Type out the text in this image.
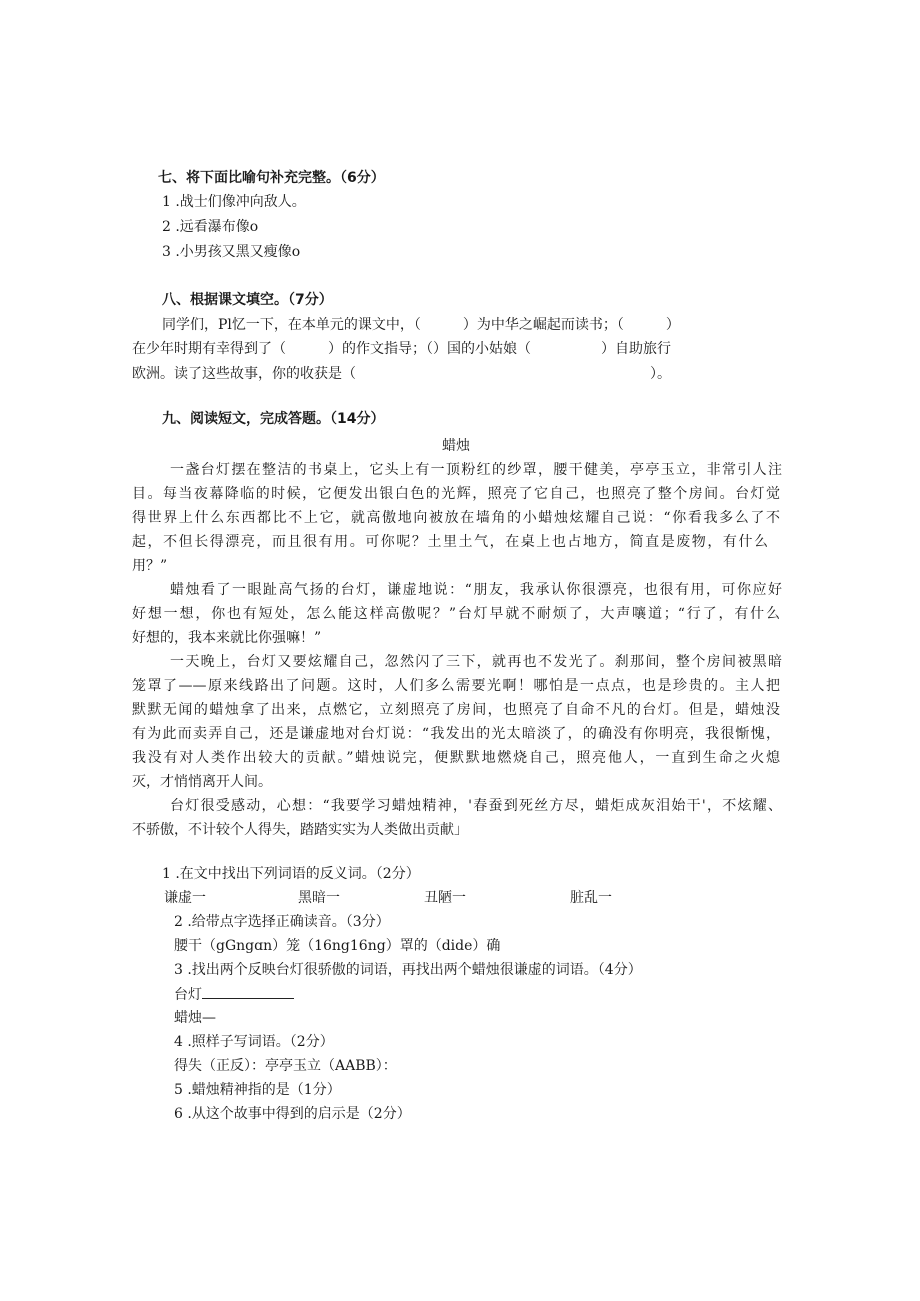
七、将下面比喻句补充完整。（6分）
1 .战士们像冲向敌人。
2 .远看瀑布像o
3 .小男孩又黑又瘦像o
八、根据课文填空。（7分）
同学们，Pl忆一下，在本单元的课文中，（　　　）为中华之崛起而读书；（　　　）
在少年时期有幸得到了（　　　）的作文指导；（）国的小姑娘（　　　　　）自助旅行
欧洲。读了这些故事，你的收获是（　　　　　　　　　　　　　　　　　　　　　）。
九、阅读短文，完成答题。（14分）
蜡烛
一盏台灯摆在整洁的书桌上，它头上有一顶粉红的纱罩，腰干健美，亭亭玉立，非常引人注
目。每当夜幕降临的时候，它便发出银白色的光辉，照亮了它自己，也照亮了整个房间。台灯觉
得世界上什么东西都比不上它，就高傲地向被放在墙角的小蜡烛炫耀自己说：“你看我多么了不
起，不但长得漂亮，而且很有用。可你呢？土里土气，在桌上也占地方，简直是废物，有什么
用？”
蜡烛看了一眼趾高气扬的台灯，谦虚地说：“朋友，我承认你很漂亮，也很有用，可你应好
好想一想，你也有短处，怎么能这样高傲呢？”台灯早就不耐烦了，大声嚷道；“行了，有什么
好想的，我本来就比你强嘛！”
一天晚上，台灯又要炫耀自己，忽然闪了三下，就再也不发光了。刹那间，整个房间被黑暗
笼罩了——原来线路出了问题。这时，人们多么需要光啊！哪怕是一点点，也是珍贵的。主人把
默默无闻的蜡烛拿了出来，点燃它，立刻照亮了房间，也照亮了自命不凡的台灯。但是，蜡烛没
有为此而卖弄自己，还是谦虚地对台灯说：“我发出的光太暗淡了，的确没有你明亮，我很惭愧，
我没有对人类作出较大的贡献。”蜡烛说完，便默默地燃烧自己，照亮他人，一直到生命之火熄
灭，才悄悄离开人间。
台灯很受感动，心想：“我要学习蜡烛精神，'春蚕到死丝方尽，蜡炬成灰泪始干'，不炫耀、
不骄傲，不计较个人得失，踏踏实实为人类做出贡献」
1 .在文中找出下列词语的反义词。（2分）
谦虚一	黑暗一	丑陋一	脏乱一
2 .给带点字选择正确读音。（3分）
腰干（gGngɑn）笼（16ng16ng）罩的（dide）确
3 .找出两个反映台灯很骄傲的词语，再找出两个蜡烛很谦虚的词语。（4分）
台灯
蜡烛—
4 .照样子写词语。（2分）
得失（正反）：亭亭玉立（AABB）：
5 .蜡烛精神指的是（1分）
6 .从这个故事中得到的启示是（2分）
